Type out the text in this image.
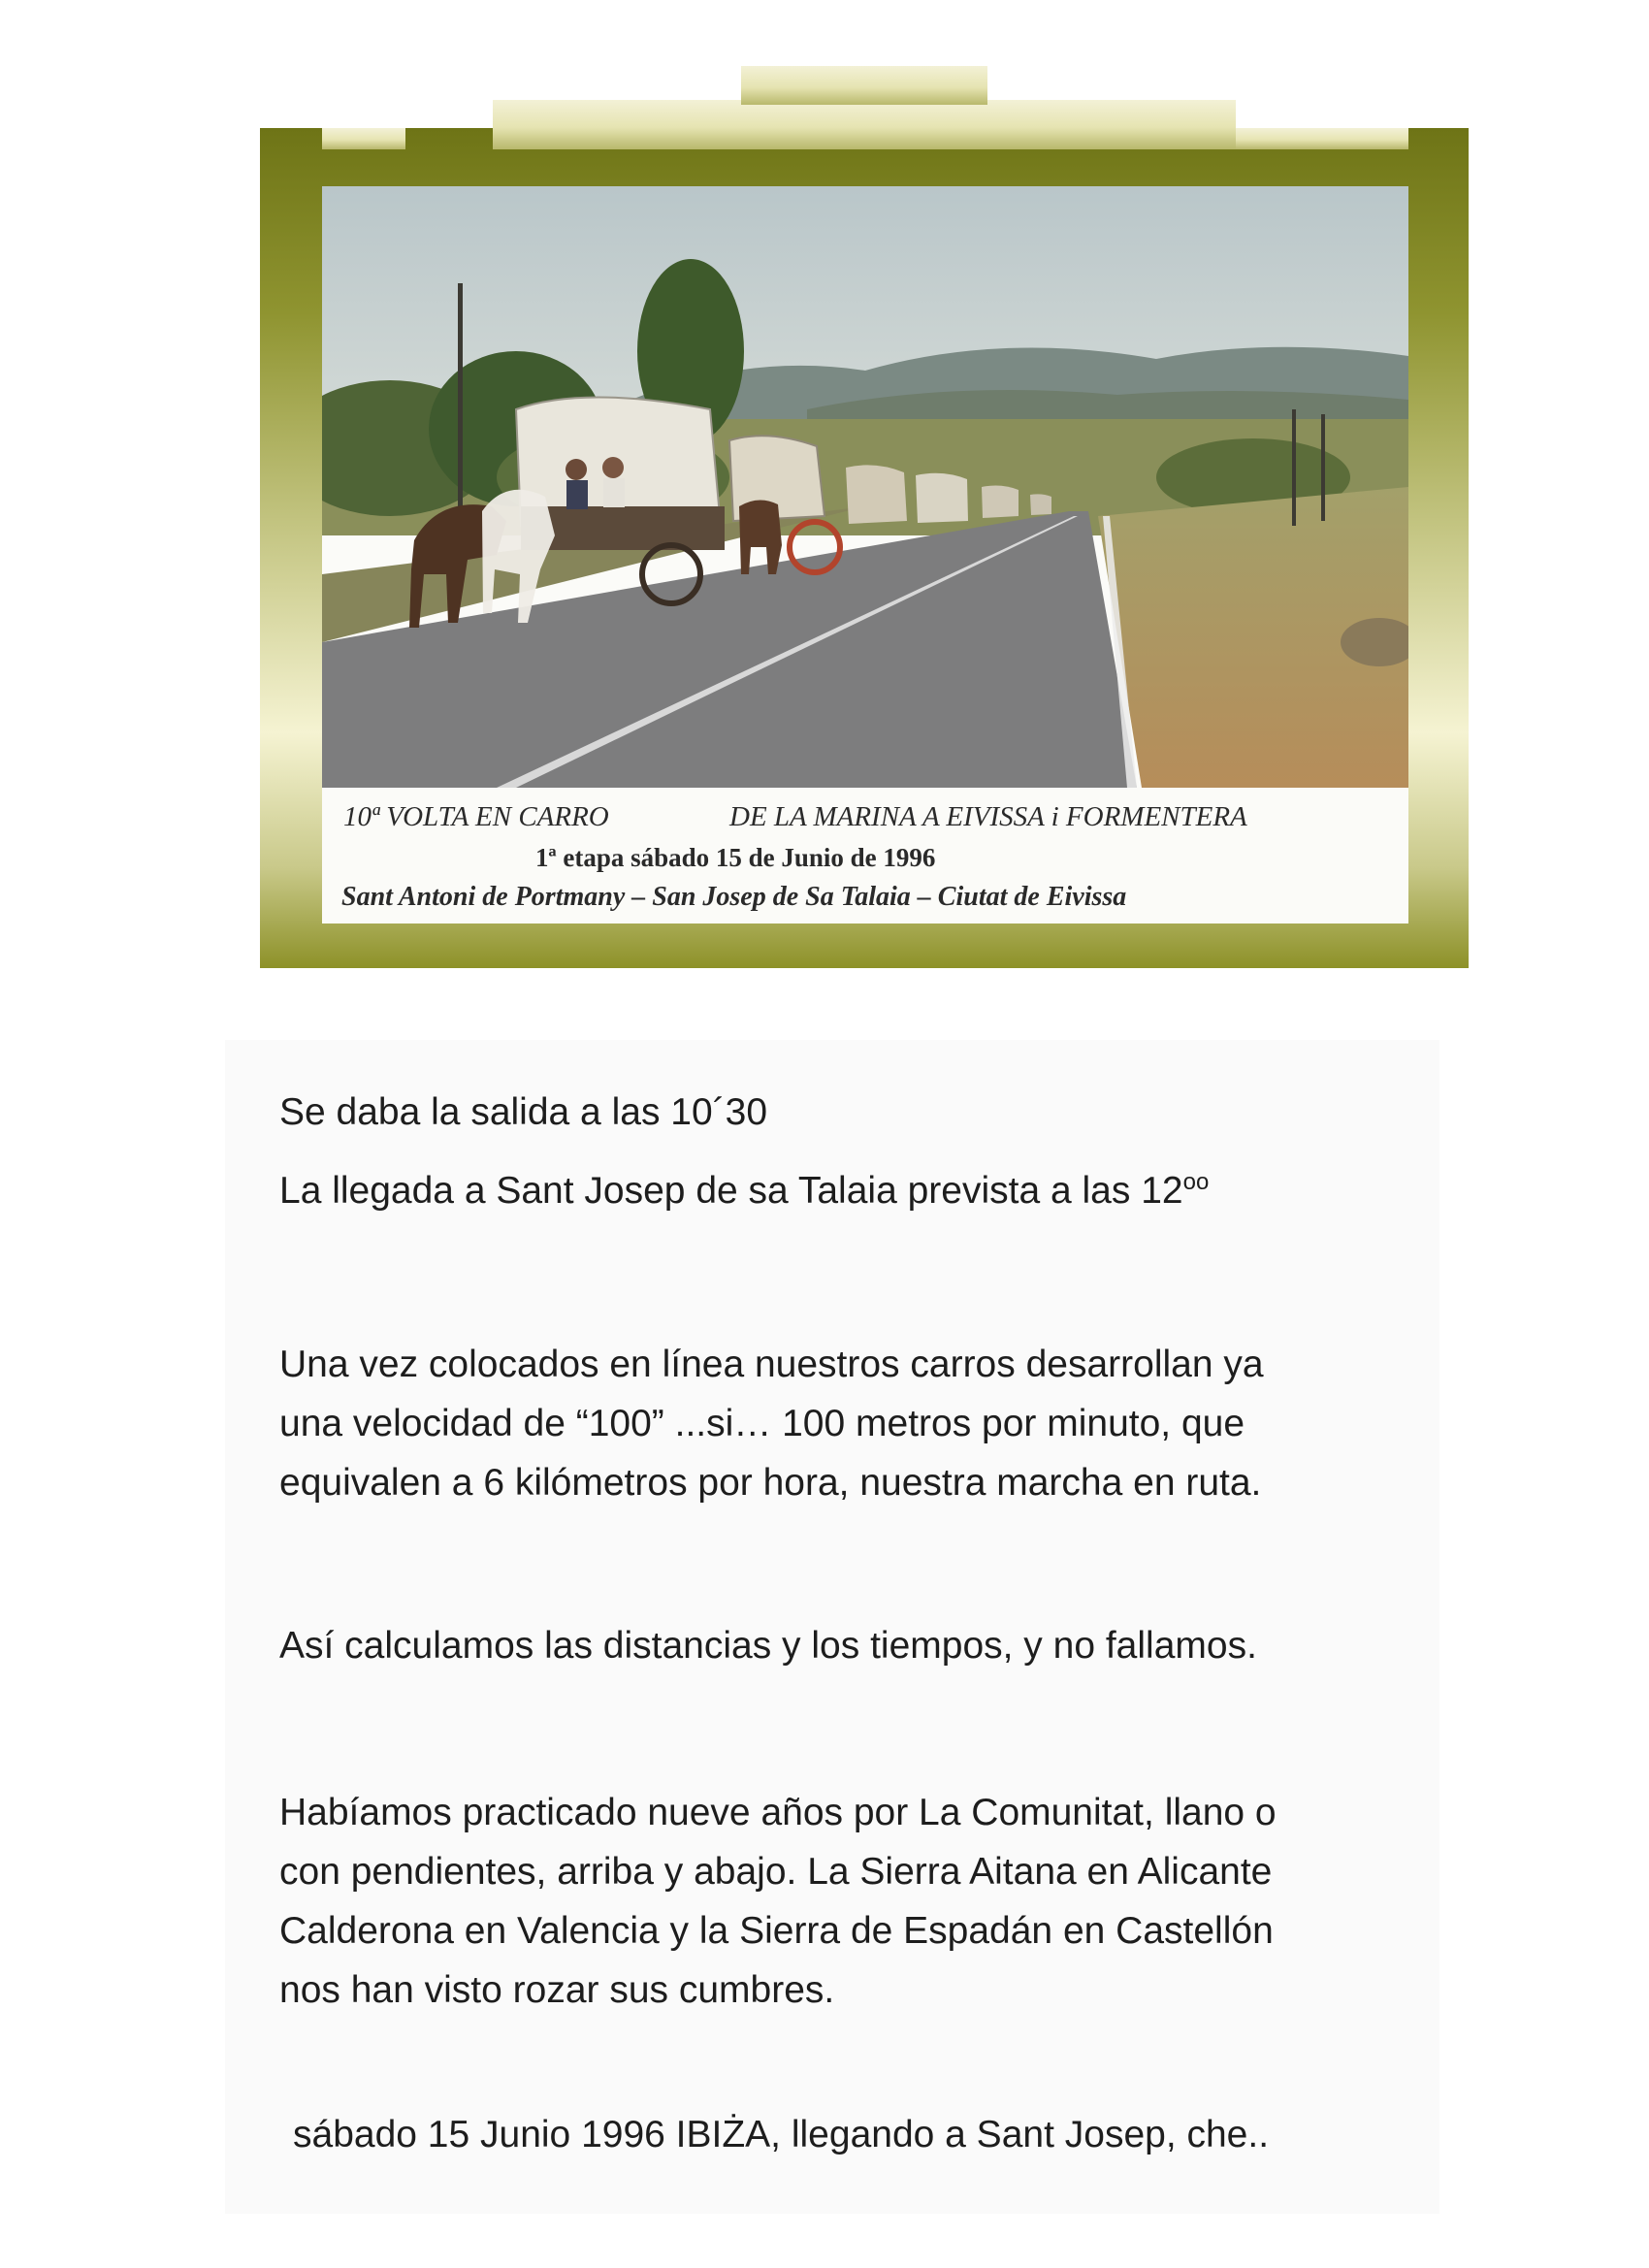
10ª VOLTA EN CARRO	DE LA MARINA A EIVISSA i FORMENTERA
1ª etapa sábado 15 de Junio de 1996
Sant Antoni de Portmany – San Josep de Sa Talaia – Ciutat de Eivissa

Se daba la salida a las 10´30

La llegada a Sant Josep de sa Talaia prevista a las $12^{oo}$

Una vez colocados en línea nuestros carros desarrollan ya
una velocidad de “100” ...si… 100 metros por minuto, que
equivalen a 6 kilómetros por hora, nuestra marcha en ruta.

Así calculamos las distancias y los tiempos, y no fallamos.

Habíamos practicado nueve años por La Comunitat, llano o
con pendientes, arriba y abajo. La Sierra Aitana en Alicante
Calderona en Valencia y la Sierra de Espadán en Castellón
nos han visto rozar sus cumbres.

sábado 15 Junio 1996 IBIŻA, llegando a Sant Josep, che..
